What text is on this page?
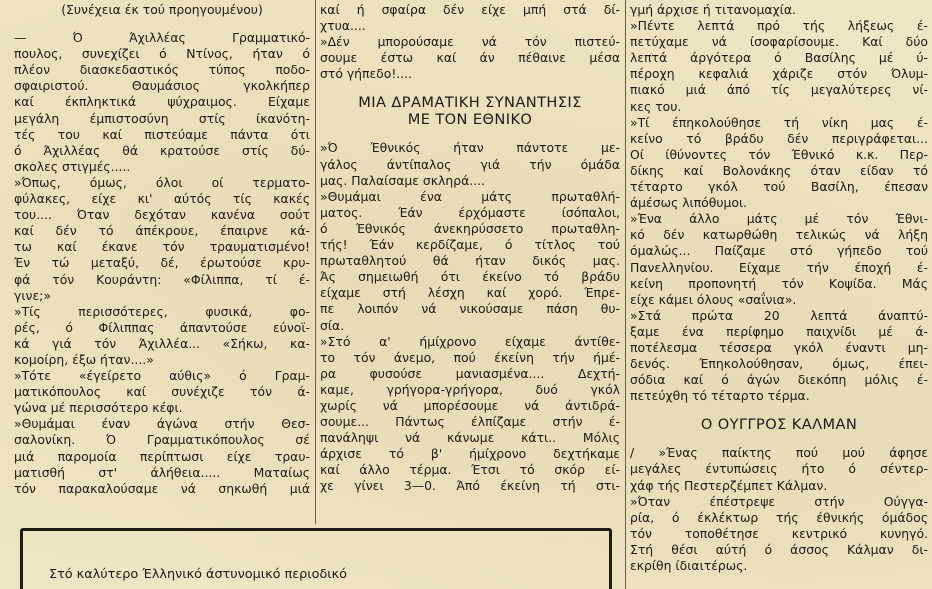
(Συνέχεια έκ τού προηγουμένου)

— Ό Άχιλλέας Γραμματικό-

πουλος, συνεχίζει ό Ντίνος, ήταν ό

πλέον διασκεδαστικός τύπος ποδο-

σφαιριστού. Θαυμάσιος γκολκήπερ

καί έκπληκτικά ψύχραιμος. Είχαμε

μεγάλη έμπιστοσύνη στίς ίκανότη-

τές του καί πιστεύαμε πάντα ότι

ό Άχιλλέας θά κρατούσε στίς δύ-

σκολες στιγμές.....

»Όπως, όμως, όλοι οί τερματο-

φύλακες, είχε κι' αύτός τίς κακές

του.... Όταν δεχόταν κανένα σούτ

καί δέν τό άπέκρουε, έπαιρνε κά-

τω καί έκανε τόν τραυματισμένο!

Έν τώ μεταξύ, δέ, έρωτούσε κρυ-

φά τόν Κουράντη: «Φίλιππα, τί έ-

γινε;»

»Τίς περισσότερες, φυσικά, φο-

ρές, ό Φίλιππας άπαντούσε εύνοϊ-

κά γιά τόν Άχιλλέα... «Σήκω, κα-

κομοίρη, έξω ήταν....»

»Τότε «έγείρετο αύθις» ό Γραμ-

ματικόπουλος καί συνέχιζε τόν ά-

γώνα μέ περισσότερο κέφι.

»Θυμάμαι έναν άγώνα στήν Θεσ-

σαλονίκη. Ό Γραμματικόπουλος σέ

μιά παρομοία περίπτωσι είχε τραυ-

ματισθή στ' άλήθεια..... Ματαίως

τόν παρακαλούσαμε νά σηκωθή μιά

καί ή σφαίρα δέν είχε μπή στά δί-

χτυα....

»Δέν μπορούσαμε νά τόν πιστεύ-

σουμε έστω καί άν πέθαινε μέσα

στό γήπεδο!....

ΜΙΑ ΔΡΑΜΑΤΙΚΗ ΣΥΝΑΝΤΗΣΙΣ

ΜΕ ΤΟΝ ΕΘΝΙΚΟ

»Ό Έθνικός ήταν πάντοτε με-

γάλος άντίπαλος γιά τήν όμάδα

μας. Παλαίσαμε σκληρά....

»Θυμάμαι ένα μάτς πρωταθλή-

ματος. Έάν έρχόμαστε ίσόπαλοι,

ό Έθνικός άνεκηρύσσετο πρωταθλη-

τής! Έάν κερδίζαμε, ό τίτλος τού

πρωταθλητού θά ήταν δικός μας.

Άς σημειωθή ότι έκείνο τό βράδυ

είχαμε στή λέσχη καί χορό. Έπρε-

πε λοιπόν νά νικούσαμε πάση θυ-

σία.

»Στό α' ήμίχρονο είχαμε άντίθε-

το τόν άνεμο, πού έκείνη τήν ήμέ-

ρα φυσούσε μανιασμένα.... Δεχτή-

καμε, γρήγορα-γρήγορα, δυό γκόλ

χωρίς νά μπορέσουμε νά άντιδρά-

σουμε... Πάντως έλπίζαμε στήν έ-

πανάληψι νά κάνωμε κάτι.. Μόλις

άρχισε τό β' ήμίχρονο δεχτήκαμε

καί άλλο τέρμα. Έτσι τό σκόρ εί-

χε γίνει 3—0. Άπό έκείνη τή στι-

γμή άρχισε ή τιτανομαχία.

»Πέντε λεπτά πρό τής λήξεως έ-

πετύχαμε νά ίσοφαρίσουμε. Καί δύο

λεπτά άργότερα ό Βασίλης μέ ύ-

πέροχη κεφαλιά χάριζε στόν Όλυμ-

πιακό μιά άπό τίς μεγαλύτερες νί-

κες του.

»Τί έπηκολούθησε τή νίκη μας έ-

κείνο τό βράδυ δέν περιγράφεται...

Οί ίθύνοντες τόν Έθνικό κ.κ. Περ-

δίκης καί Βολονάκης όταν είδαν τό

τέταρτο γκόλ τού Βασίλη, έπεσαν

άμέσως λιπόθυμοι.

»Ένα άλλο μάτς μέ τόν Έθνι-

κό δέν κατωρθώθη τελικώς νά λήξη

όμαλώς... Παίζαμε στό γήπεδο τού

Πανελληνίου. Είχαμε τήν έποχή έ-

κείνη προπονητή τόν Κοψίδα. Μάς

είχε κάμει όλους «σαΐνια».

»Στά πρώτα 20 λεπτά άναπτύ-

ξαμε ένα περίφημο παιχνίδι μέ ά-

ποτέλεσμα τέσσερα γκόλ έναντι μη-

δενός. Έπηκολούθησαν, όμως, έπει-

σόδια καί ό άγών διεκόπη μόλις έ-

πετεύχθη τό τέταρτο τέρμα.

Ο ΟΥΓΓΡΟΣ ΚΑΛΜΑΝ

/ »Ένας παίκτης πού μού άφησε

μεγάλες έντυπώσεις ήτο ό σέντερ-

χάφ τής Πεστερζέμπετ Κάλμαν.

»Όταν έπέστρεψε στήν Ούγγα-

ρία, ό έκλέκτωρ τής έθνικής όμάδος

τόν τοποθέτησε κεντρικό κυνηγό.

Στή θέσι αύτή ό άσσος Κάλμαν δι-

εκρίθη ίδιαιτέρως.

Στό καλύτερο Έλληνικό άστυνομικό περιοδικό
